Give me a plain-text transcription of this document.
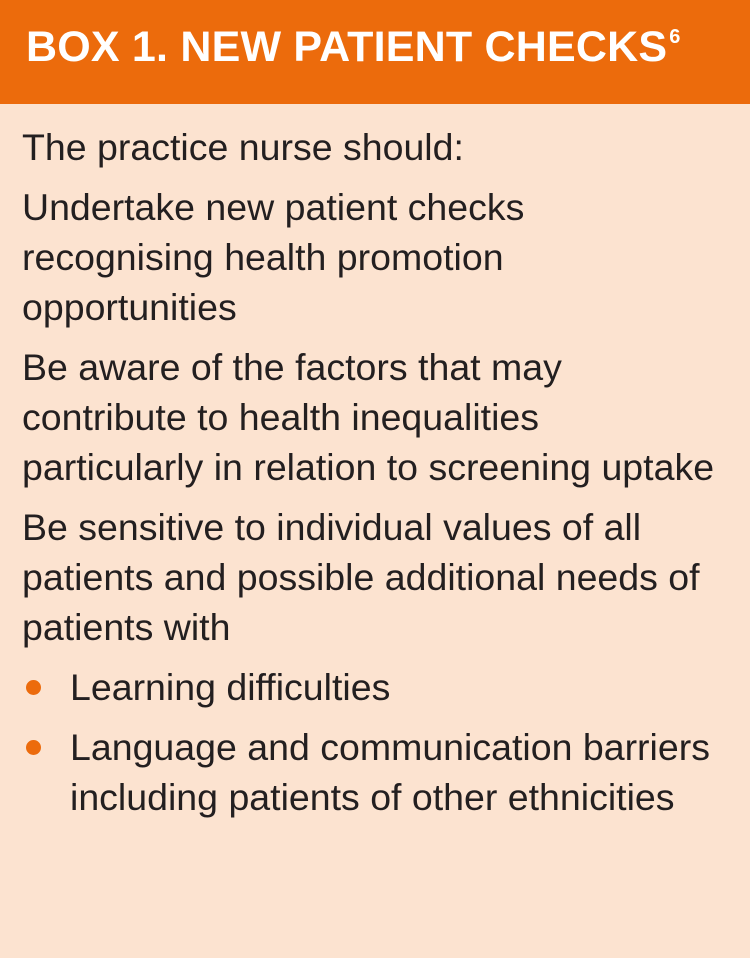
BOX 1. NEW PATIENT CHECKS $^6$

The practice nurse should:

Undertake new patient checks recognising health promotion opportunities

Be aware of the factors that may contribute to health inequalities particularly in relation to screening uptake

Be sensitive to individual values of all patients and possible additional needs of patients with

Learning difficulties
Language and communication barriers including patients of other ethnicities
